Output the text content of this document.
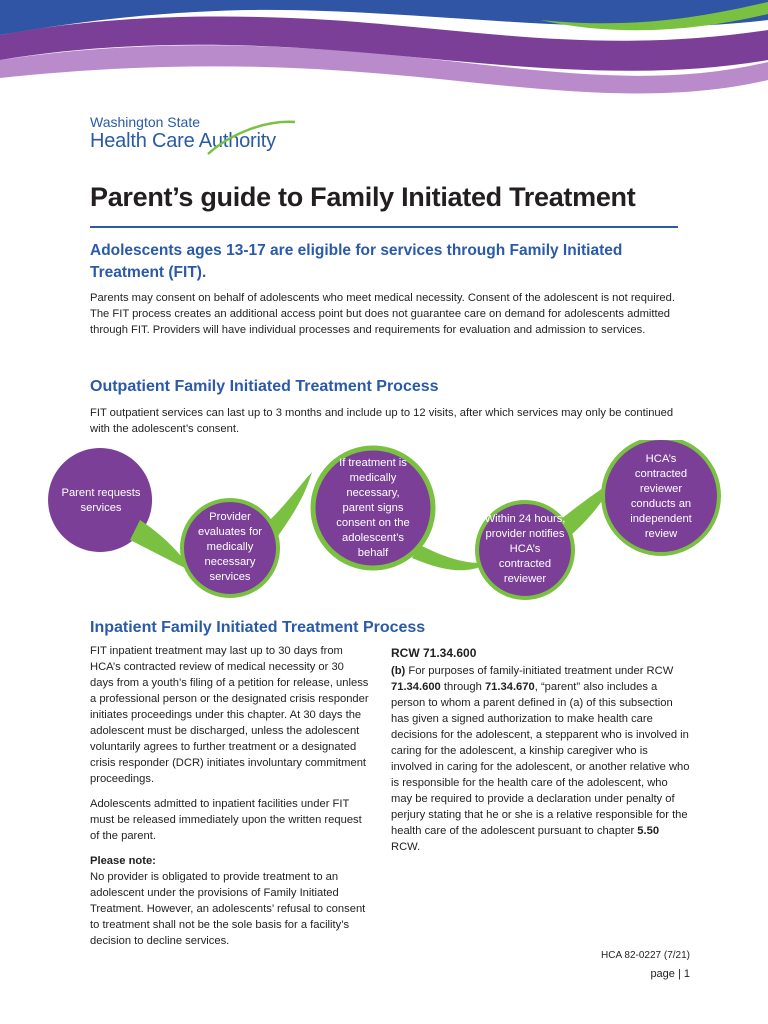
Washington State
Health Care Authority
Parent’s guide to Family Initiated Treatment
Adolescents ages 13-17 are eligible for services through Family Initiated Treatment (FIT).
Parents may consent on behalf of adolescents who meet medical necessity. Consent of the adolescent is not required. The FIT process creates an additional access point but does not guarantee care on demand for adolescents admitted through FIT. Providers will have individual processes and requirements for evaluation and admission to services.
Outpatient Family Initiated Treatment Process
FIT outpatient services can last up to 3 months and include up to 12 visits, after which services may only be continued with the adolescent’s consent.
Parent requests services
Provider evaluates for medically necessary services
If treatment is medically necessary, parent signs consent on the adolescent’s behalf
Within 24 hours, provider notifies HCA’s contracted reviewer
HCA’s contracted reviewer conducts an independent review
Inpatient Family Initiated Treatment Process

FIT inpatient treatment may last up to 30 days from HCA’s contracted review of medical necessity or 30 days from a youth’s filing of a petition for release, unless a professional person or the designated crisis responder initiates proceedings under this chapter. At 30 days the adolescent must be discharged, unless the adolescent voluntarily agrees to further treatment or a designated crisis responder (DCR) initiates involuntary commitment proceedings.

Adolescents admitted to inpatient facilities under FIT must be released immediately upon the written request of the parent.

Please note:
No provider is obligated to provide treatment to an adolescent under the provisions of Family Initiated Treatment. However, an adolescents’ refusal to consent to treatment shall not be the sole basis for a facility’s decision to decline services.
RCW 71.34.600

(b) For purposes of family-initiated treatment under RCW 71.34.600 through 71.34.670, “parent” also includes a person to whom a parent defined in (a) of this subsection has given a signed authorization to make health care decisions for the adolescent, a stepparent who is involved in caring for the adolescent, a kinship caregiver who is involved in caring for the adolescent, or another relative who is responsible for the health care of the adolescent, who may be required to provide a declaration under penalty of perjury stating that he or she is a relative responsible for the health care of the adolescent pursuant to chapter 5.50 RCW.

HCA 82-0227 (7/21)
page | 1
